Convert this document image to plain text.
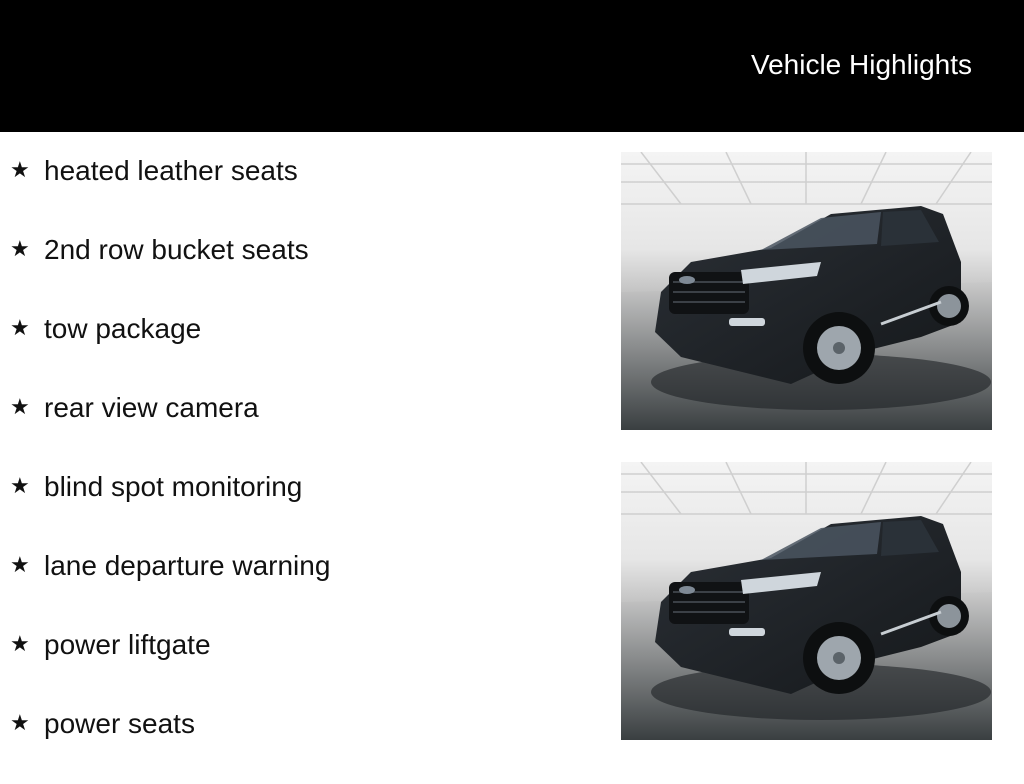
Vehicle Highlights
★ heated leather seats
★ 2nd row bucket seats
★ tow package
★ rear view camera
★ blind spot monitoring
★ lane departure warning
★ power liftgate
★ power seats
